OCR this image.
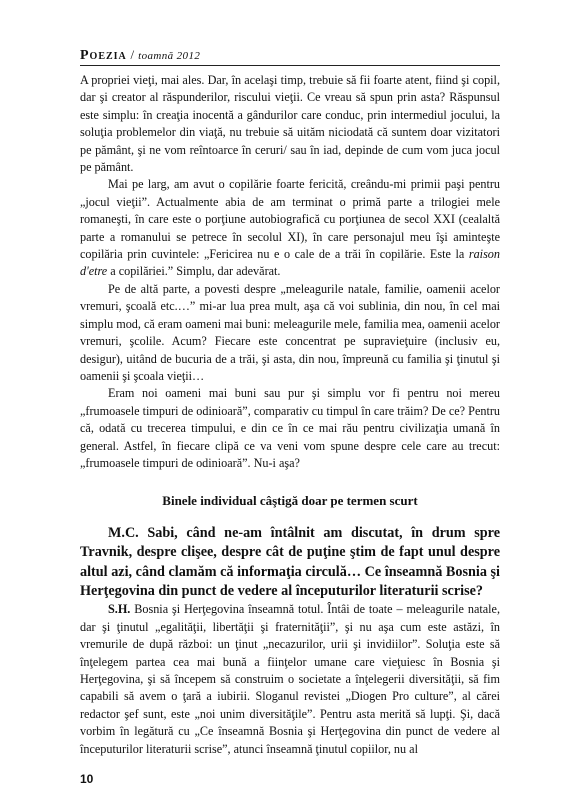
Poezia / toamnă 2012

A propriei vieţi, mai ales. Dar, în acelaşi timp, trebuie să fii foarte atent, fiind şi copil, dar şi creator al răspunderilor, riscului vieţii. Ce vreau să spun prin asta? Răspunsul este simplu: în creaţia inocentă a gândurilor care conduc, prin intermediul jocului, la soluţia problemelor din viaţă, nu trebuie să uităm niciodată că suntem doar vizitatori pe pământ, şi ne vom reîntoarce în ceruri/ sau în iad, depinde de cum vom juca jocul pe pământ.

Mai pe larg, am avut o copilărie foarte fericită, creându-mi primii paşi pentru „jocul vieţii”. Actualmente abia de am terminat o primă parte a trilogiei mele romaneşti, în care este o porţiune autobiografică cu porţiunea de secol XXI (cealaltă parte a romanului se petrece în secolul XI), în care personajul meu îşi aminteşte copilăria prin cuvintele: „Fericirea nu e o cale de a trăi în copilărie. Este la raison d'etre a copilăriei.” Simplu, dar adevărat.

Pe de altă parte, a povesti despre „meleagurile natale, familie, oamenii acelor vremuri, şcoală etc.…” mi-ar lua prea mult, aşa că voi sublinia, din nou, în cel mai simplu mod, că eram oameni mai buni: meleagurile mele, familia mea, oamenii acelor vremuri, şcolile. Acum? Fiecare este concentrat pe supravieţuire (inclusiv eu, desigur), uitând de bucuria de a trăi, şi asta, din nou, împreună cu familia şi ţinutul şi oamenii şi şcoala vieţii…

Eram noi oameni mai buni sau pur şi simplu vor fi pentru noi mereu „frumoasele timpuri de odinioară”, comparativ cu timpul în care trăim? De ce? Pentru că, odată cu trecerea timpului, e din ce în ce mai rău pentru civilizaţia umană în general. Astfel, în fiecare clipă ce va veni vom spune despre cele care au trecut: „frumoasele timpuri de odinioară”. Nu-i aşa?

Binele individual câştigă doar pe termen scurt
M.C. Sabi, când ne-am întâlnit am discutat, în drum spre Travnik, despre clişee, despre cât de puţine ştim de fapt unul despre altul azi, când clamăm că informaţia circulă… Ce înseamnă Bosnia şi Herţegovina din punct de vedere al începuturilor literaturii scrise?

S.H. Bosnia şi Herţegovina înseamnă totul. Întâi de toate – meleagurile natale, dar şi ţinutul „egalităţii, libertăţii şi fraternităţii”, şi nu aşa cum este astăzi, în vremurile de după război: un ţinut „necazurilor, urii şi invidiilor”. Soluţia este să înţelegem partea cea mai bună a fiinţelor umane care vieţuiesc în Bosnia şi Herţegovina, şi să începem să construim o societate a înţelegerii diversităţii, să fim capabili să avem o ţară a iubirii. Sloganul revistei „Diogen Pro culture”, al cărei redactor şef sunt, este „noi unim diversităţile”. Pentru asta merită să lupţi. Şi, dacă vorbim în legătură cu „Ce înseamnă Bosnia şi Herţegovina din punct de vedere al începuturilor literaturii scrise”, atunci înseamnă ţinutul copiilor, nu al

10
